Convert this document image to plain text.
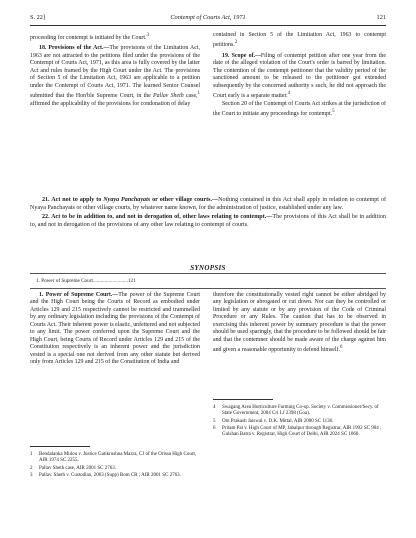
S. 22]	Contempt of Courts Act, 1971	121

proceeding for contempt is initiated by the Court.$^3$

18. Provisions of the Act.—The provisions of the Limitation Act, 1963 are not attracted to the petitions filed under the provisions of the Contempt of Courts Act, 1971, as this area is fully covered by the latter Act and rules framed by the High Court under the Act. The provisions of Section 5 of the Limitation Act, 1963 are applicable to a petition under the Contempt of Courts Act, 1971. The learned Senior Counsel submitted that the Hon'ble Supreme Court, in the Pallav Sheth case,$^1$ affirmed the applicability of the provisions for condonation of delay

contained in Section 5 of the Limitation Act, 1963 to contempt petitions.$^2$

19. Scope of.—Filing of contempt petition after one year from the date of the alleged violation of the Court's order is barred by limitation. The contention of the contempt petitioner that the validity period of the sanctioned amount to be released to the petitioner got extended subsequently by the concerned authority s such, he did not approach the Court early is a separate matter.$^4$

Section 20 of the Contempt of Courts Act strikes at the jurisdiction of the Court to initiate any proceedings for contempt.$^5$

21. Act not to apply to Nyaya Panchayats or other village courts.—Nothing contained in this Act shall apply in relation to contempt of Nyaya Panchayats or other village courts, by whatever name known, for the administration of justice, established under any law.

22. Act to be in addition to, and not in derogation of, other laws relating to contempt.—The provisions of this Act shall be in addition to, and not in derogation of the provisions of any other law relating to contempt of courts.

SYNOPSIS
1. Power of Supreme Court...........................121

1. Power of Supreme Court.—The power of the Supreme Court and the High Court being the Courts of Record as embodied under Articles 129 and 215 respectively cannot be restricted and trammelled by any ordinary legislation including the provisions of the Contempt of Courts Act. Their inherent power is elastic, unfettered and not subjected to any limit. The power conferred upon the Supreme Court and the High Court, being Courts of Record under Articles 129 and 215 of the Constitution respectively is an inherent power and the jurisdiction vested is a special one not derived from any other statute but derived only from Articles 129 and 215 of the Constitution of India and

therefore the constitutionally vested right cannot be either abridged by any legislation or abrogated or cut down. Nor can they be controlled or limited by any statute or by any provision of the Code of Criminal Procedure or any Rules. The caution that has to be observed in exercising this inherent power by summary procedure is that the power should be used sparingly, that the procedure to be followed should be fair and that the contemner should be made aware of the charge against him and given a reasonable opportunity to defend himself.$^6$

1	Bendalanka Mulou v. Justice Gatikrushna Mazra, CJ of the Orissa High Court, AIR 1974 SC 2255.
2	Pallav Sheth case, AIR 2001 SC 2763.
3	Pallav. Sheth v. Custodian, 2003 (Supp) Bom CR ; AIR 2001 SC 2763.
4	Swagang Area Horticulture Farming Co-op. Society v. Commissioner/Secy. of State Government, 2004 Cri LJ 2398 (Goa).
5	Om Prakash Jaiswal v. D.K. Mittal, AIR 2000 SC 1136.
6	Pritam Pal v. High Court of MP, Jabalpur through Registrar, AIR 1992 SC 904 ; Gulshan Batra v. Registrar, High Court of Delhi, AIR 2024 SC 1060.
